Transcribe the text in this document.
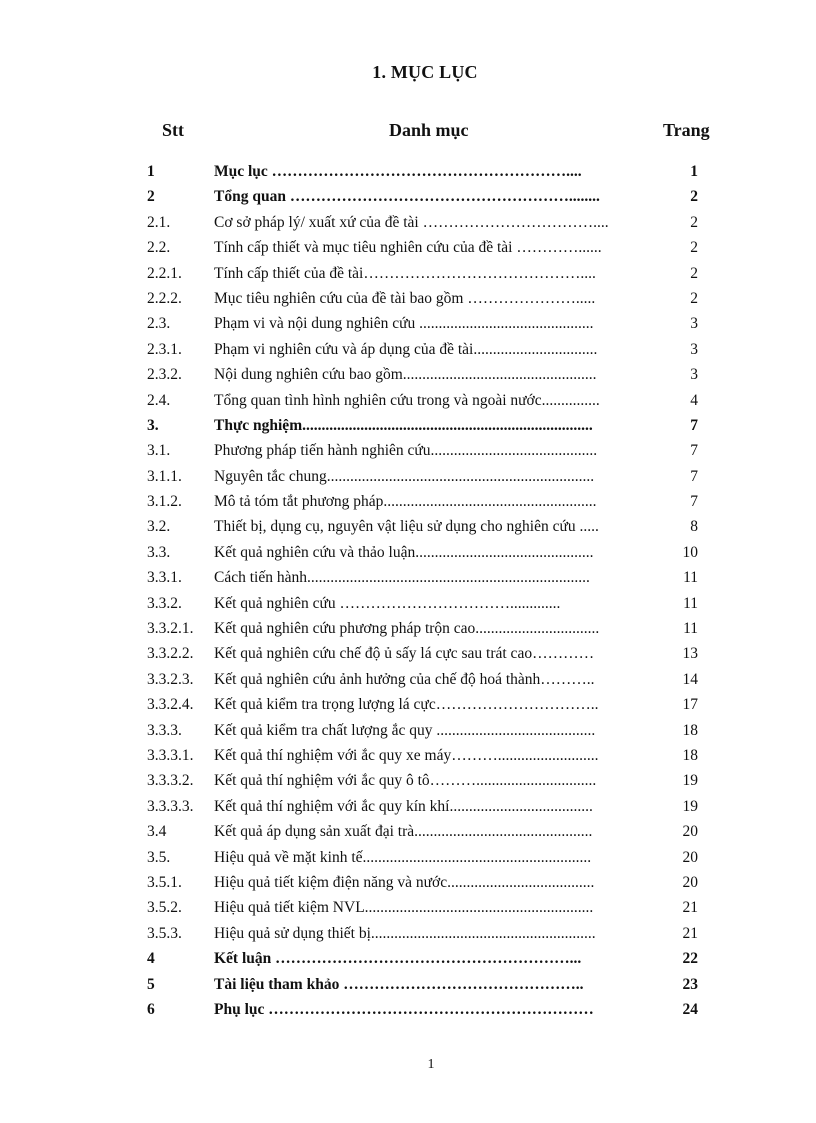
1. MỤC LỤC
Stt	Danh mục	Trang
1	Mục lục …………………………………………………....	1
2	Tổng quan ………………………………………………........	2
2.1.	Cơ sở pháp lý/ xuất xứ của đề tài ……………………………....	2
2.2.	Tính cấp thiết và mục tiêu nghiên cứu của đề tài …………......	2
2.2.1. Tính cấp thiết của đề tài……………………………………....	2
2.2.2. Mục tiêu nghiên cứu của đề tài bao gồm ………………….....	2
2.3.	Phạm vi và nội dung nghiên cứu .............................................	3
2.3.1. Phạm vi nghiên cứu và áp dụng của đề tài................................	3
2.3.2. Nội dung nghiên cứu bao gồm..................................................	3
2.4.	Tổng quan tình hình nghiên cứu trong và ngoài nước...............	4
3.	Thực nghiệm...........................................................................	7
3.1.	Phương pháp tiến hành nghiên cứu...........................................	7
3.1.1. Nguyên tắc chung.....................................................................	7
3.1.2. Mô tả tóm tắt phương pháp.......................................................	7
3.2.	Thiết bị, dụng cụ, nguyên vật liệu sử dụng cho nghiên cứu .....	8
3.3.	Kết quả nghiên cứu và thảo luận..............................................	10
3.3.1. Cách tiến hành.........................................................................	11
3.3.2. Kết quả nghiên cứu …………………………….............	11
3.3.2.1. Kết quả nghiên cứu phương pháp trộn cao................................	11
3.3.2.2. Kết quả nghiên cứu chế độ ủ sấy lá cực sau trát cao…………	13
3.3.2.3. Kết quả nghiên cứu ảnh hưởng của chế độ hoá thành………..	14
3.3.2.4. Kết quả kiểm tra trọng lượng lá cực…………………………..	17
3.3.3. Kết quả kiểm tra chất lượng ắc quy .........................................	18
3.3.3.1. Kết quả thí nghiệm với ắc quy xe máy………..........................	18
3.3.3.2. Kết quả thí nghiệm với ắc quy ô tô………...............................	19
3.3.3.3. Kết quả thí nghiệm với ắc quy kín khí.....................................	19
3.4	Kết quả áp dụng sản xuất đại trà..............................................	20
3.5.	Hiệu quả về mặt kinh tế...........................................................	20
3.5.1. Hiệu quả tiết kiệm điện năng và nước......................................	20
3.5.2. Hiệu quả tiết kiệm NVL...........................................................	21
3.5.3. Hiệu quả sử dụng thiết bị..........................................................	21
4	Kết luận …………………………………………………...	22
5	Tài liệu tham khảo ………………………………………..	23
6	Phụ lục ………………………………………………………	24
1
